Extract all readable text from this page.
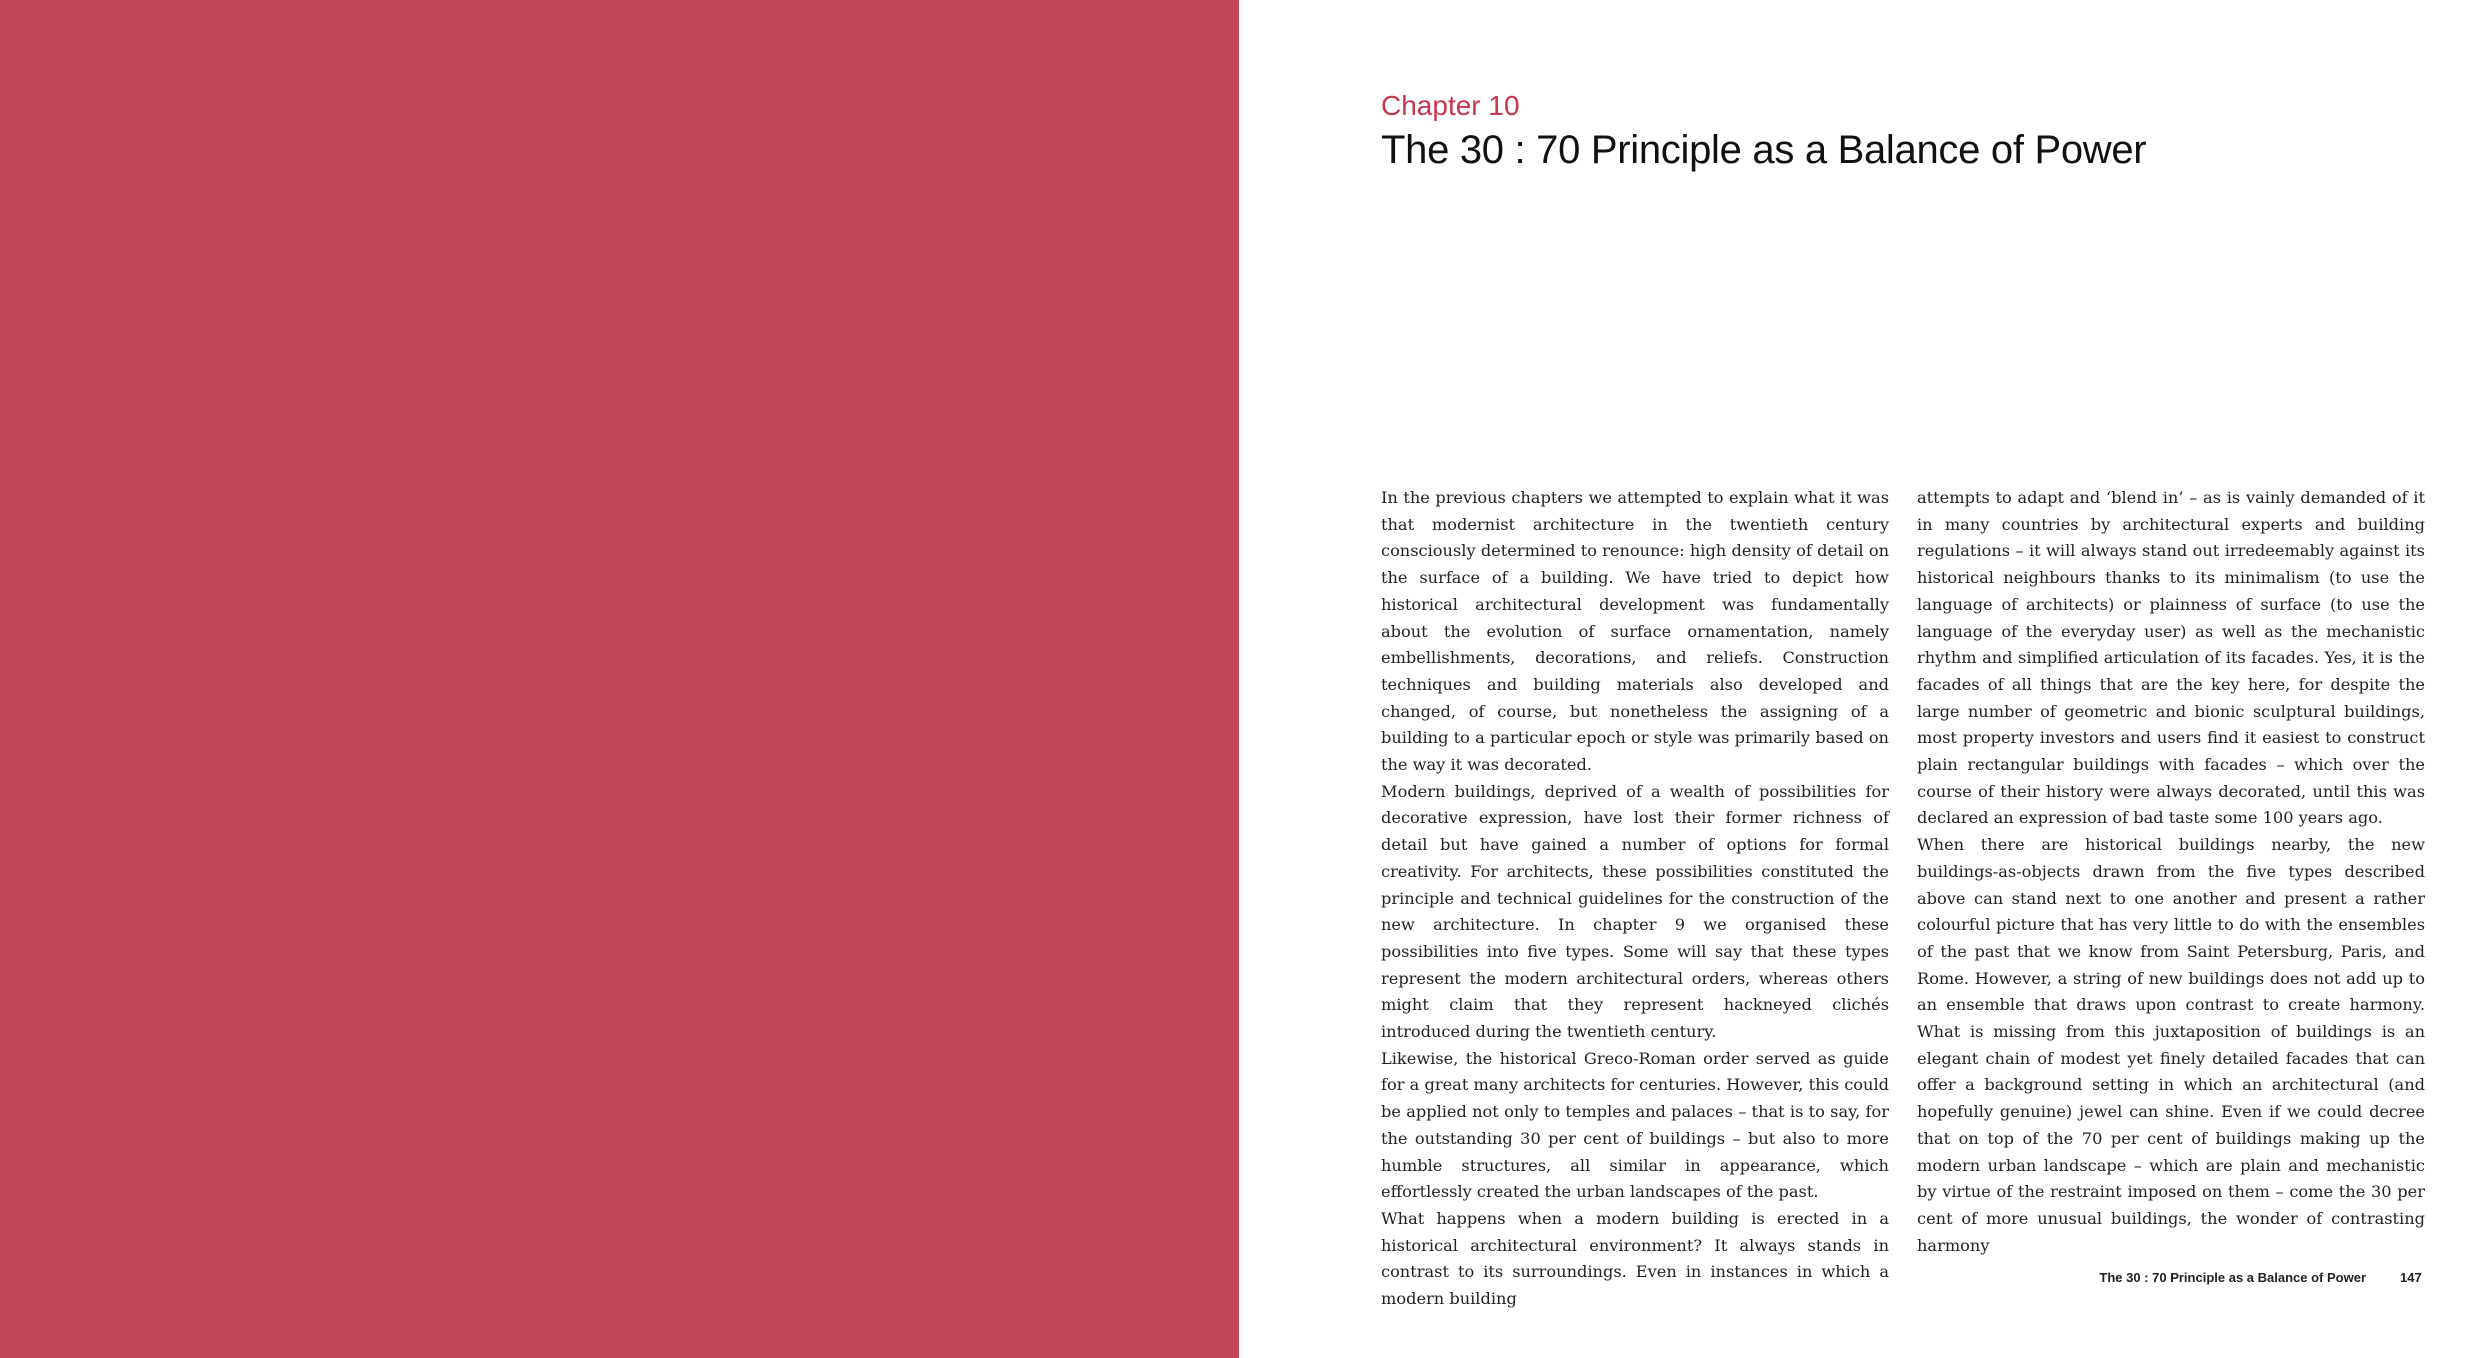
Chapter 10
The 30 : 70 Principle as a Balance of Power

In the previous chapters we attempted to explain what it was that modernist architecture in the twentieth century consciously determined to renounce: high density of detail on the surface of a building. We have tried to depict how historical architectural development was fundamentally about the evolution of surface ornamentation, namely embellishments, decorations, and reliefs. Construction techniques and building materials also developed and changed, of course, but nonetheless the assigning of a building to a particular epoch or style was primarily based on the way it was decorated.

Modern buildings, deprived of a wealth of possibilities for decorative expression, have lost their former richness of detail but have gained a number of options for formal creativity. For architects, these possibilities constituted the principle and technical guidelines for the construction of the new architecture. In chapter 9 we organised these possibilities into five types. Some will say that these types represent the modern architectural orders, whereas others might claim that they represent hackneyed clichés introduced during the twentieth century.

Likewise, the historical Greco-Roman order served as guide for a great many architects for centuries. However, this could be applied not only to temples and palaces – that is to say, for the outstanding 30 per cent of buildings – but also to more humble structures, all similar in appearance, which effortlessly created the urban landscapes of the past.

What happens when a modern building is erected in a historical architectural environment? It always stands in contrast to its surroundings. Even in instances in which a modern building

attempts to adapt and ‘blend in’ – as is vainly demanded of it in many countries by architectural experts and building regulations – it will always stand out irredeemably against its historical neighbours thanks to its minimalism (to use the language of architects) or plainness of surface (to use the language of the everyday user) as well as the mechanistic rhythm and simplified articulation of its facades. Yes, it is the facades of all things that are the key here, for despite the large number of geometric and bionic sculptural buildings, most property investors and users find it easiest to construct plain rectangular buildings with facades – which over the course of their history were always decorated, until this was declared an expression of bad taste some 100 years ago.

When there are historical buildings nearby, the new buildings-as-objects drawn from the five types described above can stand next to one another and present a rather colourful picture that has very little to do with the ensembles of the past that we know from Saint Petersburg, Paris, and Rome. However, a string of new buildings does not add up to an ensemble that draws upon contrast to create harmony. What is missing from this juxtaposition of buildings is an elegant chain of modest yet finely detailed facades that can offer a background setting in which an architectural (and hopefully genuine) jewel can shine. Even if we could decree that on top of the 70 per cent of buildings making up the modern urban landscape – which are plain and mechanistic by virtue of the restraint imposed on them – come the 30 per cent of more unusual buildings, the wonder of contrasting harmony

The 30 : 70 Principle as a Balance of Power	147
